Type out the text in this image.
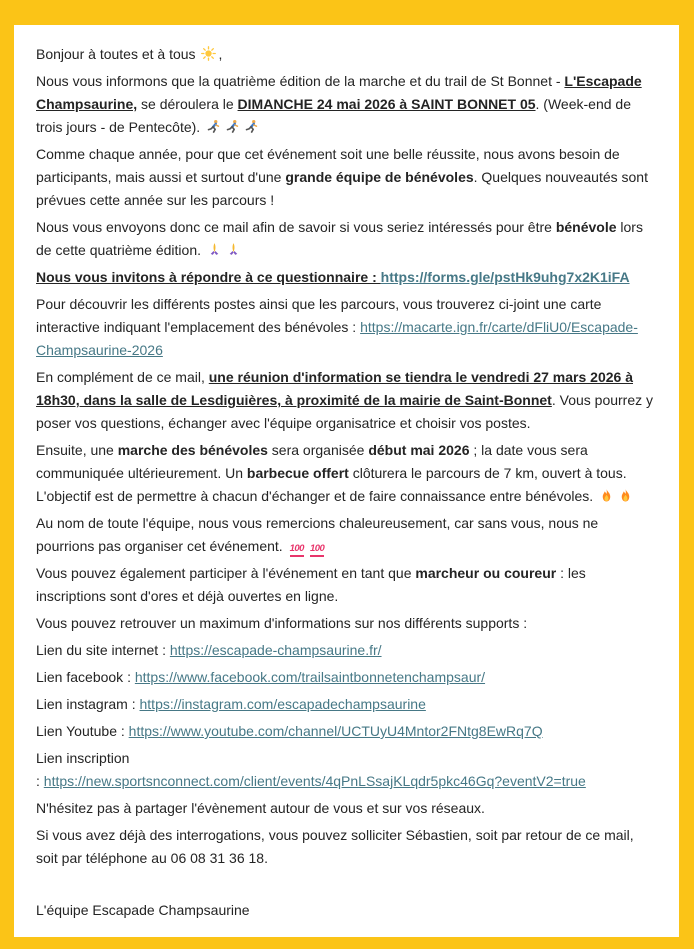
Bonjour à toutes et à tous ,

Nous vous informons que la quatrième édition de la marche et du trail de St Bonnet - L'Escapade Champsaurine, se déroulera le DIMANCHE 24 mai 2026 à SAINT BONNET 05. (Week-end de trois jours - de Pentecôte).

Comme chaque année, pour que cet événement soit une belle réussite, nous avons besoin de participants, mais aussi et surtout d'une grande équipe de bénévoles. Quelques nouveautés sont prévues cette année sur les parcours !

Nous vous envoyons donc ce mail afin de savoir si vous seriez intéressés pour être bénévole lors de cette quatrième édition.

Nous vous invitons à répondre à ce questionnaire : https://forms.gle/pstHk9uhg7x2K1iFA

Pour découvrir les différents postes ainsi que les parcours, vous trouverez ci-joint une carte interactive indiquant l'emplacement des bénévoles : https://macarte.ign.fr/carte/dFliU0/Escapade-Champsaurine-2026

En complément de ce mail, une réunion d'information se tiendra le vendredi 27 mars 2026 à 18h30, dans la salle de Lesdiguières, à proximité de la mairie de Saint-Bonnet. Vous pourrez y poser vos questions, échanger avec l'équipe organisatrice et choisir vos postes.

Ensuite, une marche des bénévoles sera organisée début mai 2026 ; la date vous sera communiquée ultérieurement. Un barbecue offert clôturera le parcours de 7 km, ouvert à tous. L'objectif est de permettre à chacun d'échanger et de faire connaissance entre bénévoles.

Au nom de toute l'équipe, nous vous remercions chaleureusement, car sans vous, nous ne pourrions pas organiser cet événement. 100 100

Vous pouvez également participer à l'événement en tant que marcheur ou coureur : les inscriptions sont d'ores et déjà ouvertes en ligne.

Vous pouvez retrouver un maximum d'informations sur nos différents supports :

Lien du site internet : https://escapade-champsaurine.fr/

Lien facebook : https://www.facebook.com/trailsaintbonnetenchampsaur/

Lien instagram : https://instagram.com/escapadechampsaurine

Lien Youtube : https://www.youtube.com/channel/UCTUyU4Mntor2FNtg8EwRq7Q

Lien inscription
: https://new.sportsnconnect.com/client/events/4qPnLSsajKLqdr5pkc46Gq?eventV2=true

N'hésitez pas à partager l'évènement autour de vous et sur vos réseaux.

Si vous avez déjà des interrogations, vous pouvez solliciter Sébastien, soit par retour de ce mail, soit par téléphone au 06 08 31 36 18.

L'équipe Escapade Champsaurine
